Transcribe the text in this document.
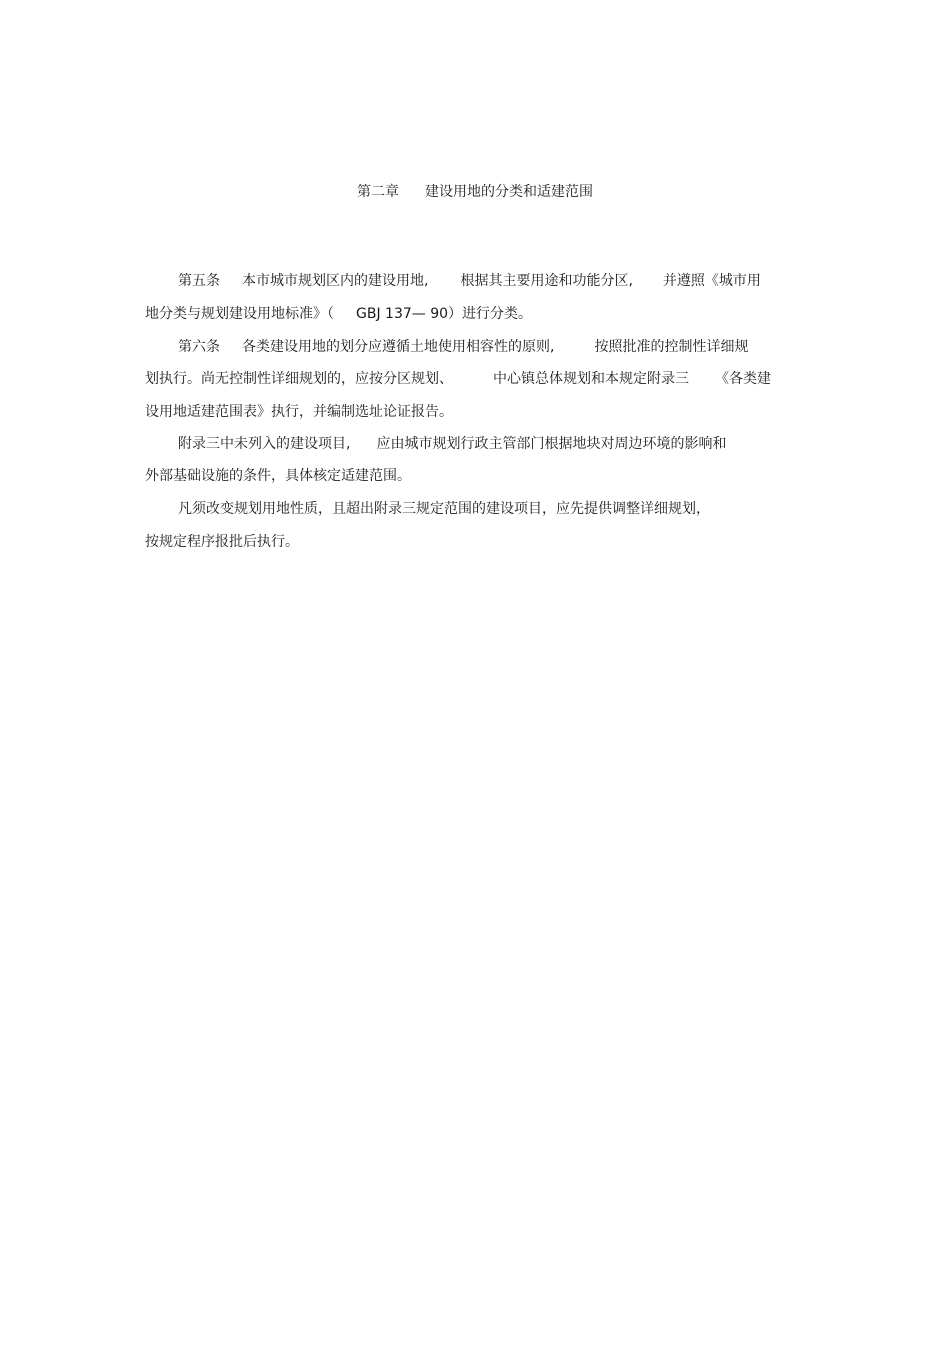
第二章 建设用地的分类和适建范围
第五条 本市城市规划区内的建设用地, 根据其主要用途和功能分区, 并遵照《城市用
地分类与规划建设用地标准》（ GBJ 137— 90）进行分类。
第六条 各类建设用地的划分应遵循土地使用相容性的原则,	按照批准的控制性详细规
划执行。尚无控制性详细规划的，应按分区规划、	中心镇总体规划和本规定附录三 《各类建
设用地适建范围表》执行，并编制选址论证报告。
附录三中未列入的建设项目, 应由城市规划行政主管部门根据地块对周边环境的影响和
外部基础设施的条件，具体核定适建范围。
凡须改变规划用地性质，且超出附录三规定范围的建设项目，应先提供调整详细规划，
按规定程序报批后执行。
